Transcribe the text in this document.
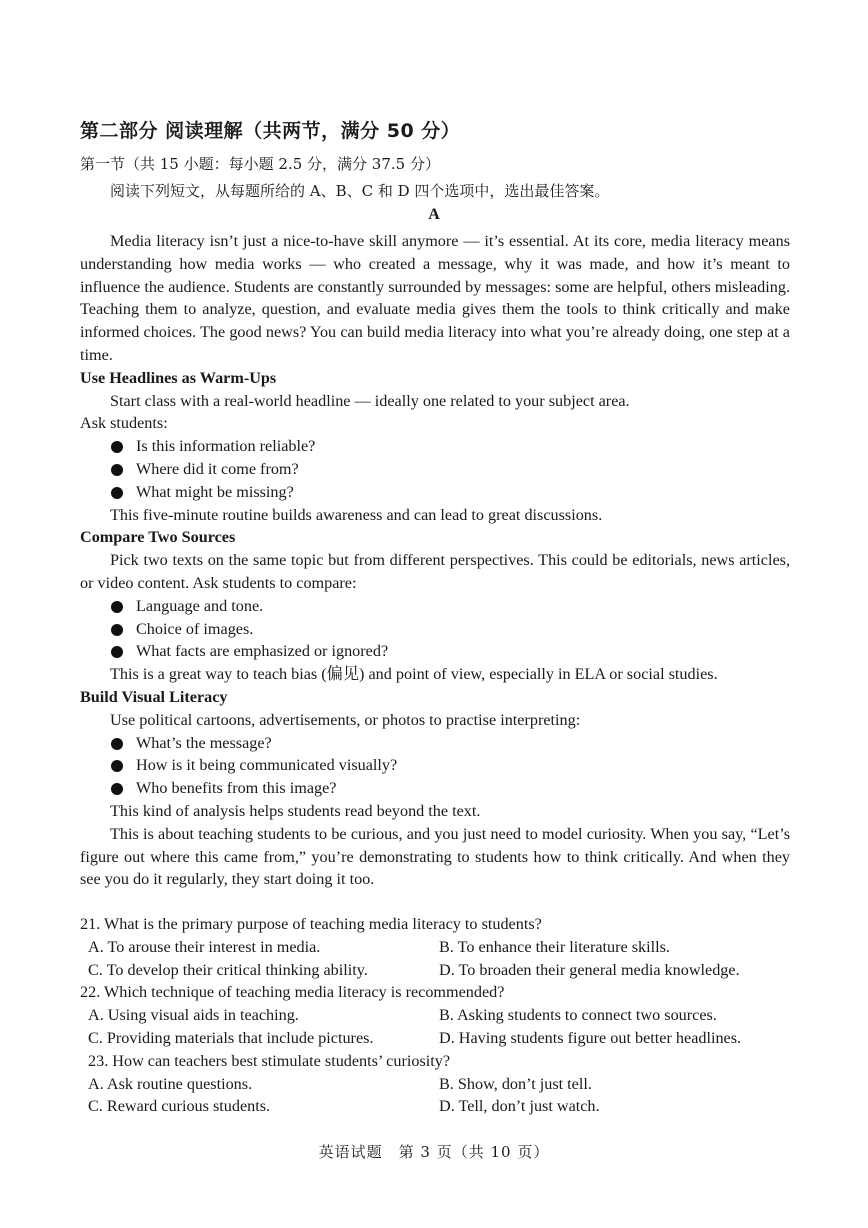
第二部分 阅读理解（共两节，满分 50 分）
第一节（共 15 小题：每小题 2.5 分，满分 37.5 分）
阅读下列短文，从每题所给的 A、B、C 和 D 四个选项中，选出最佳答案。
A

Media literacy isn’t just a nice-to-have skill anymore — it’s essential. At its core, media literacy means understanding how media works — who created a message, why it was made, and how it’s meant to influence the audience. Students are constantly surrounded by messages: some are helpful, others misleading. Teaching them to analyze, question, and evaluate media gives them the tools to think critically and make informed choices. The good news? You can build media literacy into what you’re already doing, one step at a time.

Use Headlines as Warm-Ups

Start class with a real-world headline — ideally one related to your subject area.

Ask students:

Is this information reliable?
Where did it come from?
What might be missing?

This five-minute routine builds awareness and can lead to great discussions.

Compare Two Sources

Pick two texts on the same topic but from different perspectives. This could be editorials, news articles, or video content. Ask students to compare:

Language and tone.
Choice of images.
What facts are emphasized or ignored?

This is a great way to teach bias (偏见) and point of view, especially in ELA or social studies.

Build Visual Literacy

Use political cartoons, advertisements, or photos to practise interpreting:

What’s the message?
How is it being communicated visually?
Who benefits from this image?

This kind of analysis helps students read beyond the text.

This is about teaching students to be curious, and you just need to model curiosity. When you say, “Let’s figure out where this came from,” you’re demonstrating to students how to think critically. And when they see you do it regularly, they start doing it too.

21. What is the primary purpose of teaching media literacy to students?

A. To arouse their interest in media.	B. To enhance their literature skills.
C. To develop their critical thinking ability.	D. To broaden their general media knowledge.

22. Which technique of teaching media literacy is recommended?

A. Using visual aids in teaching.	B. Asking students to connect two sources.
C. Providing materials that include pictures.	D. Having students figure out better headlines.

23. How can teachers best stimulate students’ curiosity?

A. Ask routine questions.	B. Show, don’t just tell.
C. Reward curious students.	D. Tell, don’t just watch.
英语试题　第 3 页（共 10 页）
